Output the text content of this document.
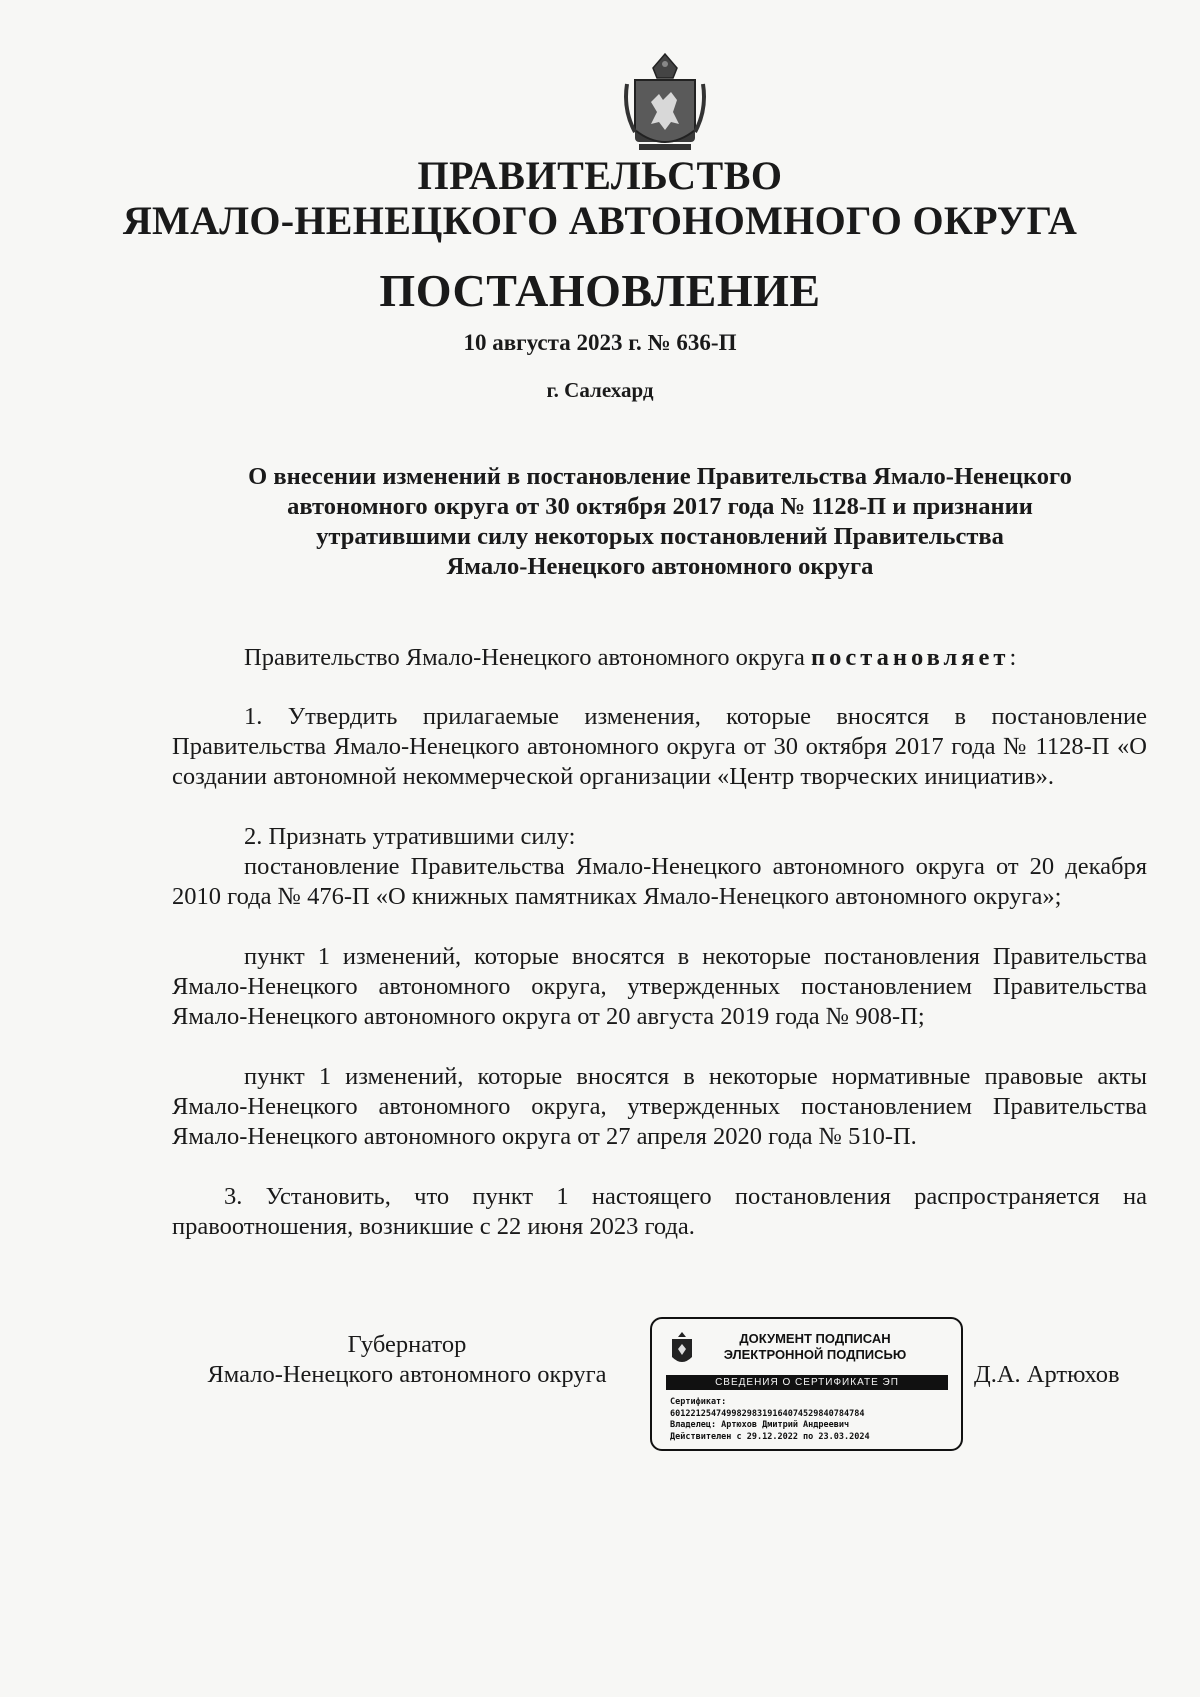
ПРАВИТЕЛЬСТВО
ЯМАЛО-НЕНЕЦКОГО АВТОНОМНОГО ОКРУГА
ПОСТАНОВЛЕНИЕ
10 августа 2023 г. № 636-П
г. Салехард
О внесении изменений в постановление Правительства Ямало-Ненецкого
автономного округа от 30 октября 2017 года № 1128-П и признании
утратившими силу некоторых постановлений Правительства
Ямало-Ненецкого автономного округа
Правительство Ямало-Ненецкого автономного округа постановляет:
1. Утвердить прилагаемые изменения, которые вносятся в постановление Правительства Ямало-Ненецкого автономного округа от 30 октября 2017 года № 1128-П «О создании автономной некоммерческой организации «Центр творческих инициатив».
2. Признать утратившими силу:
постановление Правительства Ямало-Ненецкого автономного округа от 20 декабря 2010 года № 476-П «О книжных памятниках Ямало-Ненецкого автономного округа»;
пункт 1 изменений, которые вносятся в некоторые постановления Правительства Ямало-Ненецкого автономного округа, утвержденных постановлением Правительства Ямало-Ненецкого автономного округа от 20 августа 2019 года № 908-П;
пункт 1 изменений, которые вносятся в некоторые нормативные правовые акты Ямало-Ненецкого автономного округа, утвержденных постановлением Правительства Ямало-Ненецкого автономного округа от 27 апреля 2020 года № 510-П.
3. Установить, что пункт 1 настоящего постановления распространяется на правоотношения, возникшие с 22 июня 2023 года.
Губернатор
Ямало-Ненецкого автономного округа
ДОКУМЕНТ ПОДПИСАН
ЭЛЕКТРОННОЙ ПОДПИСЬЮ
СВЕДЕНИЯ О СЕРТИФИКАТЕ ЭП
Сертификат:
601221254749982983191640745298407847​84
Владелец: Артюхов Дмитрий Андреевич
Действителен с 29.12.2022 по 23.03.2024
Д.А. Артюхов
